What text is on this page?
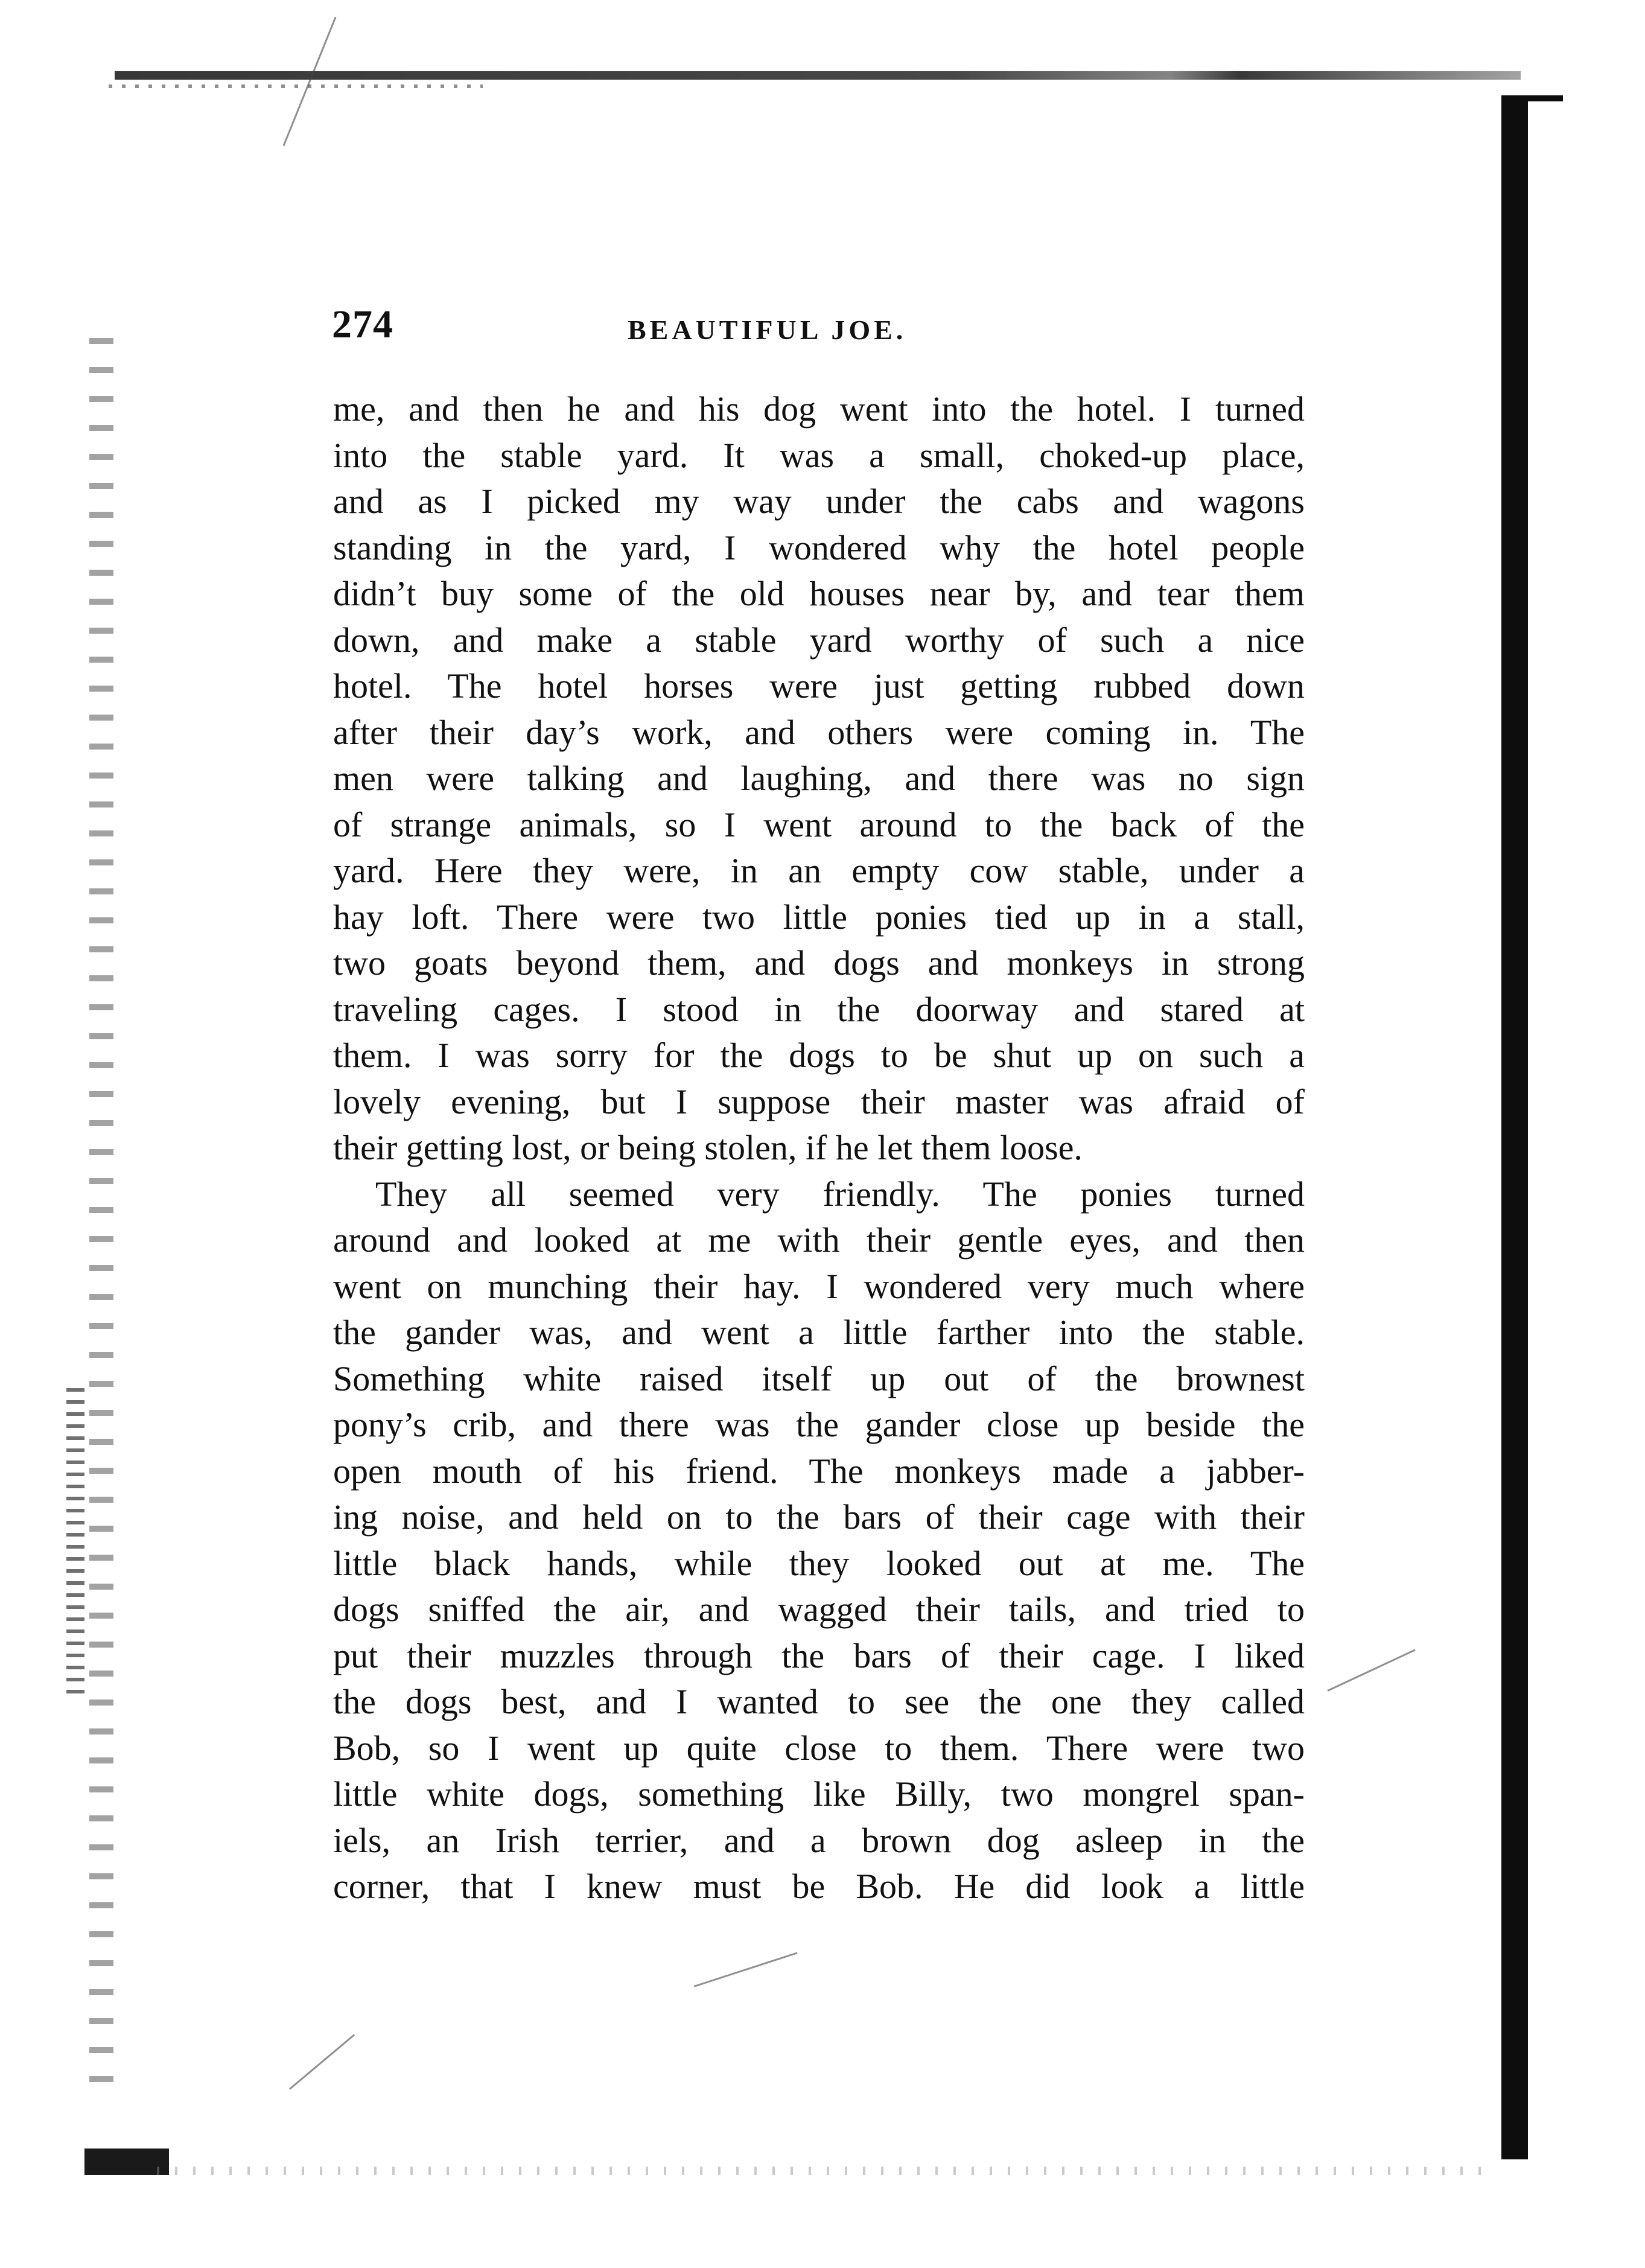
274	BEAUTIFUL JOE.
me, and then he and his dog went into the hotel. I turned
into the stable yard. It was a small, choked-up place,
and as I picked my way under the cabs and wagons
standing in the yard, I wondered why the hotel people
didn’t buy some of the old houses near by, and tear them
down, and make a stable yard worthy of such a nice
hotel. The hotel horses were just getting rubbed down
after their day’s work, and others were coming in. The
men were talking and laughing, and there was no sign
of strange animals, so I went around to the back of the
yard. Here they were, in an empty cow stable, under a
hay loft. There were two little ponies tied up in a stall,
two goats beyond them, and dogs and monkeys in strong
traveling cages. I stood in the doorway and stared at
them. I was sorry for the dogs to be shut up on such a
lovely evening, but I suppose their master was afraid of
their getting lost, or being stolen, if he let them loose.
They all seemed very friendly. The ponies turned
around and looked at me with their gentle eyes, and then
went on munching their hay. I wondered very much where
the gander was, and went a little farther into the stable.
Something white raised itself up out of the brownest
pony’s crib, and there was the gander close up beside the
open mouth of his friend. The monkeys made a jabber-
ing noise, and held on to the bars of their cage with their
little black hands, while they looked out at me. The
dogs sniffed the air, and wagged their tails, and tried to
put their muzzles through the bars of their cage. I liked
the dogs best, and I wanted to see the one they called
Bob, so I went up quite close to them. There were two
little white dogs, something like Billy, two mongrel span-
iels, an Irish terrier, and a brown dog asleep in the
corner, that I knew must be Bob. He did look a little
